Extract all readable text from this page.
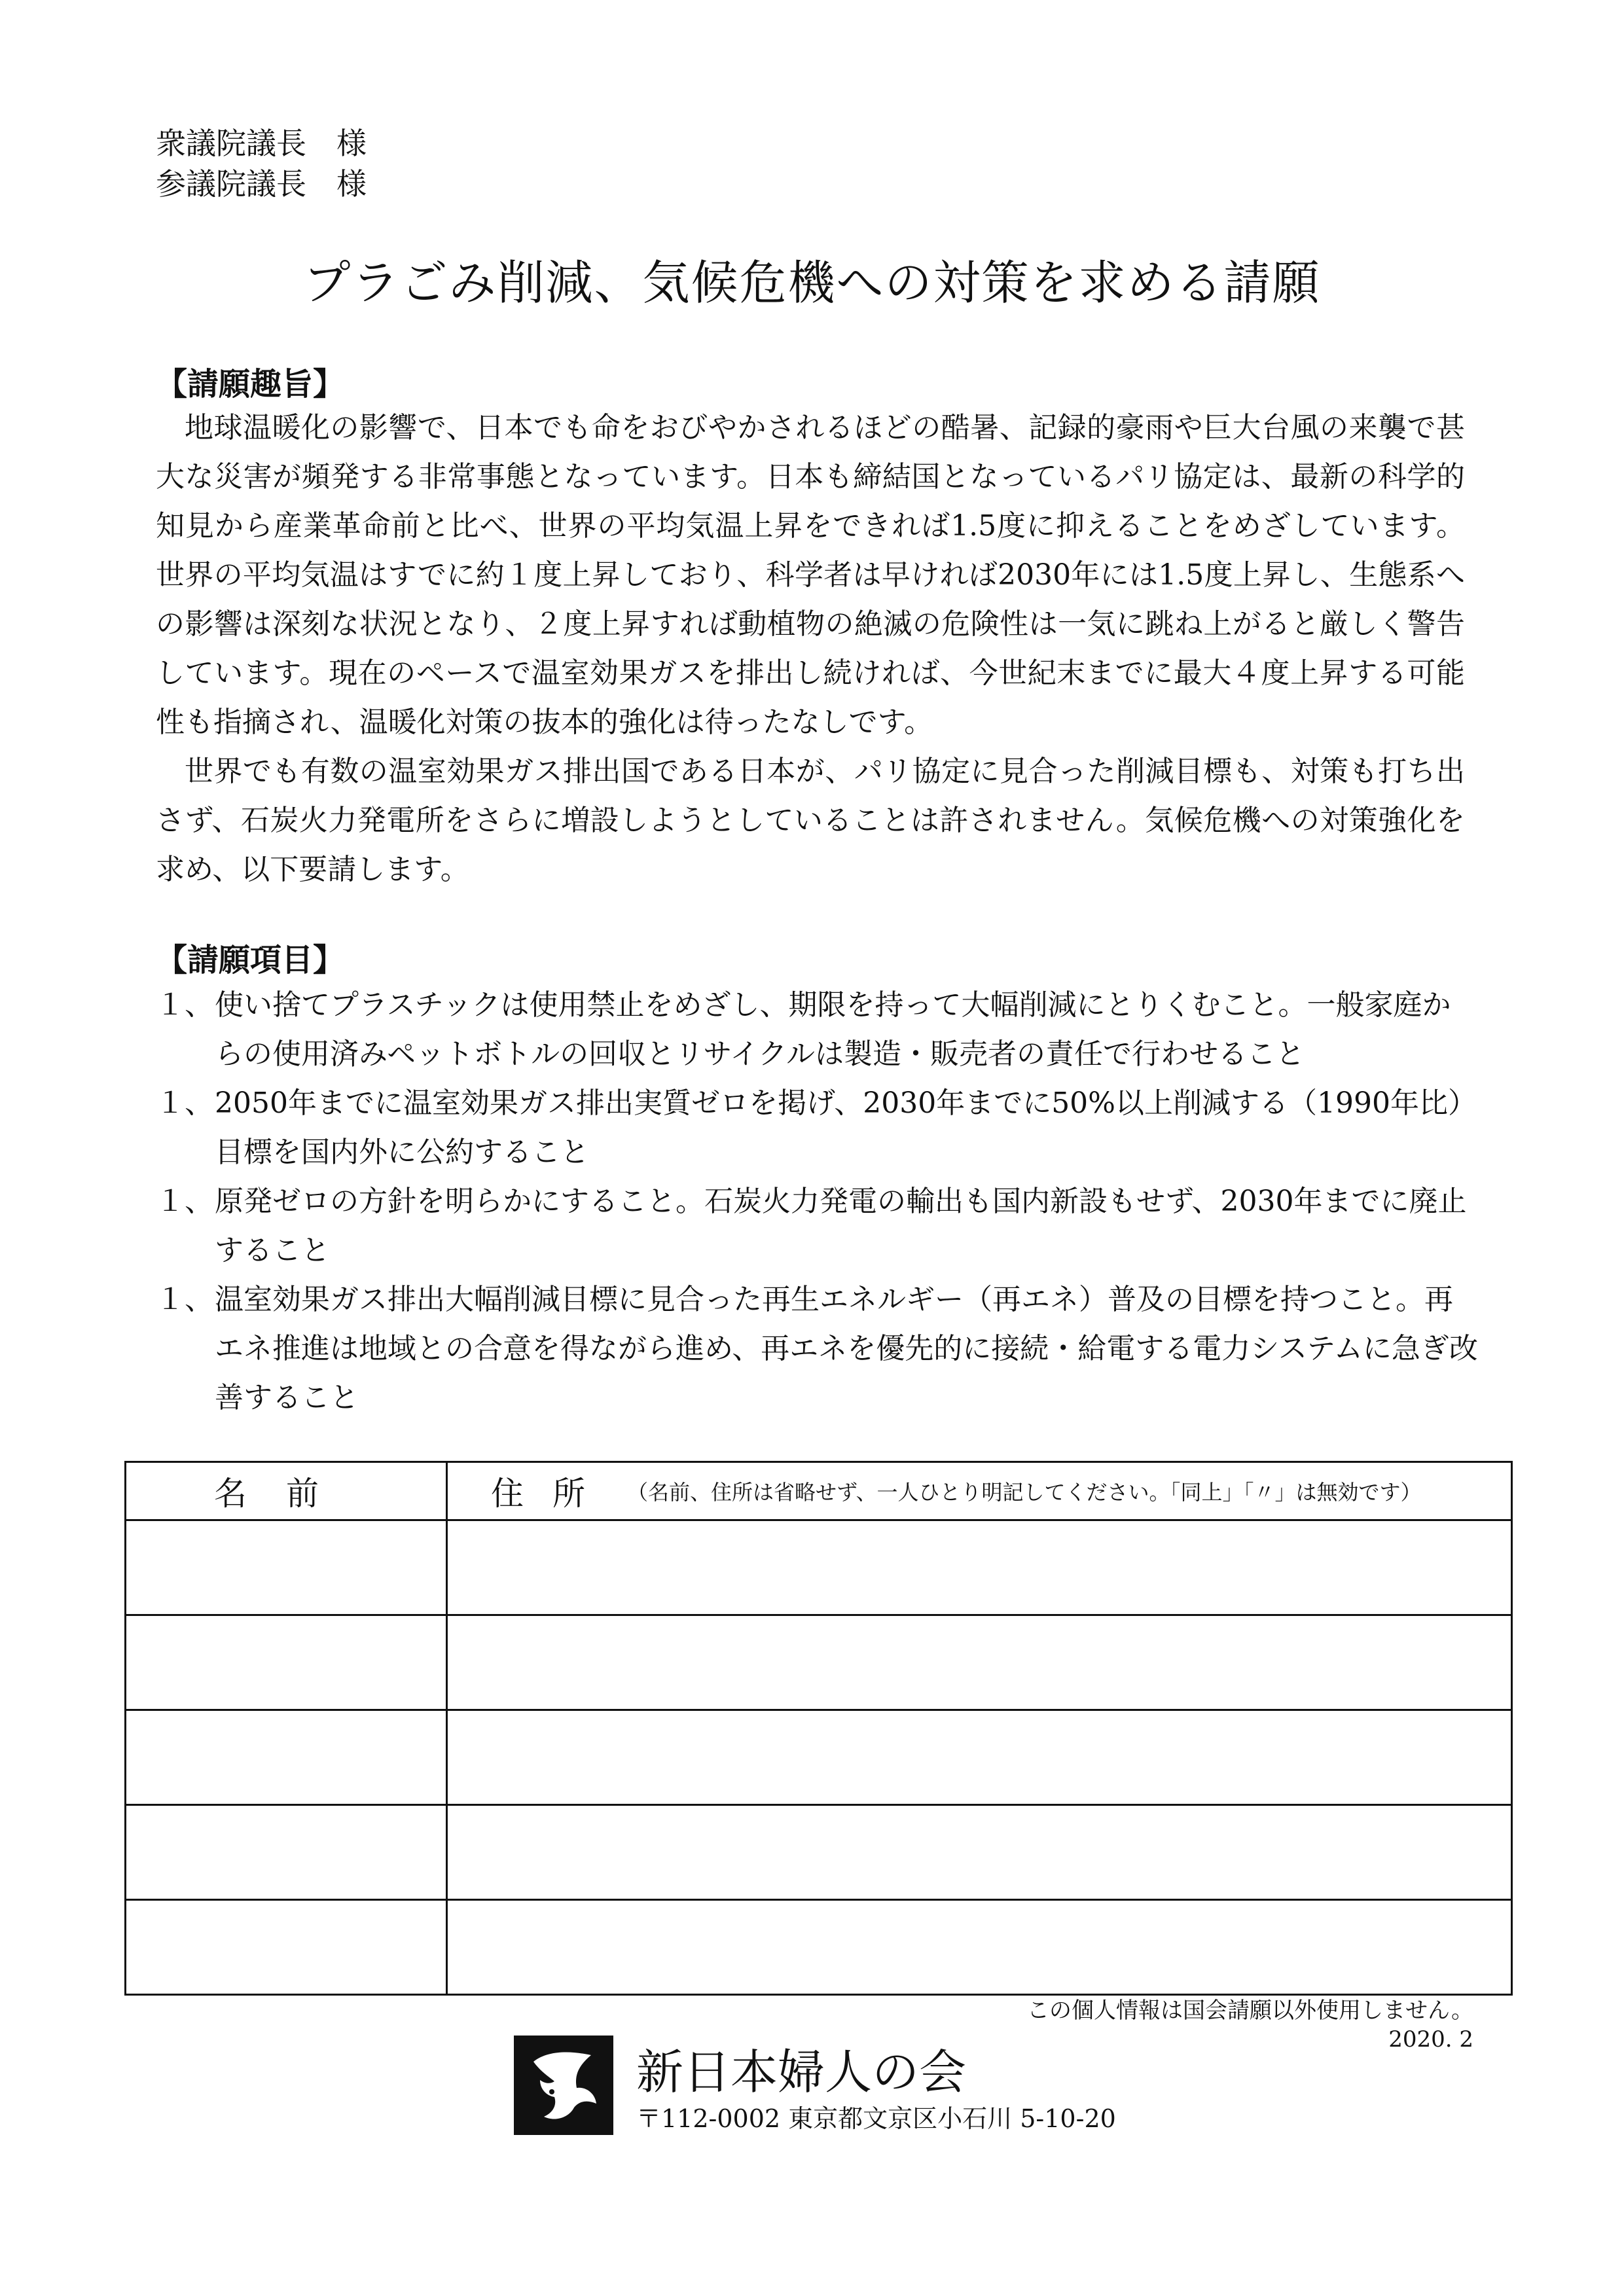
衆議院議長　様
参議院議長　様
プラごみ削減、気候危機への対策を求める請願
【請願趣旨】

地球温暖化の影響で、日本でも命をおびやかされるほどの酷暑、記録的豪雨や巨大台風の来襲で甚大な災害が頻発する非常事態となっています。日本も締結国となっているパリ協定は、最新の科学的知見から産業革命前と比べ、世界の平均気温上昇をできれば1.5度に抑えることをめざしています。世界の平均気温はすでに約１度上昇しており、科学者は早ければ2030年には1.5度上昇し、生態系への影響は深刻な状況となり、２度上昇すれば動植物の絶滅の危険性は一気に跳ね上がると厳しく警告しています。現在のペースで温室効果ガスを排出し続ければ、今世紀末までに最大４度上昇する可能性も指摘され、温暖化対策の抜本的強化は待ったなしです。

世界でも有数の温室効果ガス排出国である日本が、パリ協定に見合った削減目標も、対策も打ち出さず、石炭火力発電所をさらに増設しようとしていることは許されません。気候危機への対策強化を求め、以下要請します。

【請願項目】
１、 使い捨てプラスチックは使用禁止をめざし、期限を持って大幅削減にとりくむこと。一般家庭からの使用済みペットボトルの回収とリサイクルは製造・販売者の責任で行わせること
１、 2050年までに温室効果ガス排出実質ゼロを掲げ、2030年までに50%以上削減する（1990年比）目標を国内外に公約すること
１、 原発ゼロの方針を明らかにすること。石炭火力発電の輸出も国内新設もせず、2030年までに廃止すること
１、 温室効果ガス排出大幅削減目標に見合った再生エネルギー（再エネ）普及の目標を持つこと。再エネ推進は地域との合意を得ながら進め、再エネを優先的に接続・給電する電力システムに急ぎ改善すること
名前	住所 （名前、住所は省略せず、一人ひとり明記してください。「同上」「〃」は無効です）

この個人情報は国会請願以外使用しません。
2020. 2
新日本婦人の会
〒112-0002 東京都文京区小石川 5-10-20
